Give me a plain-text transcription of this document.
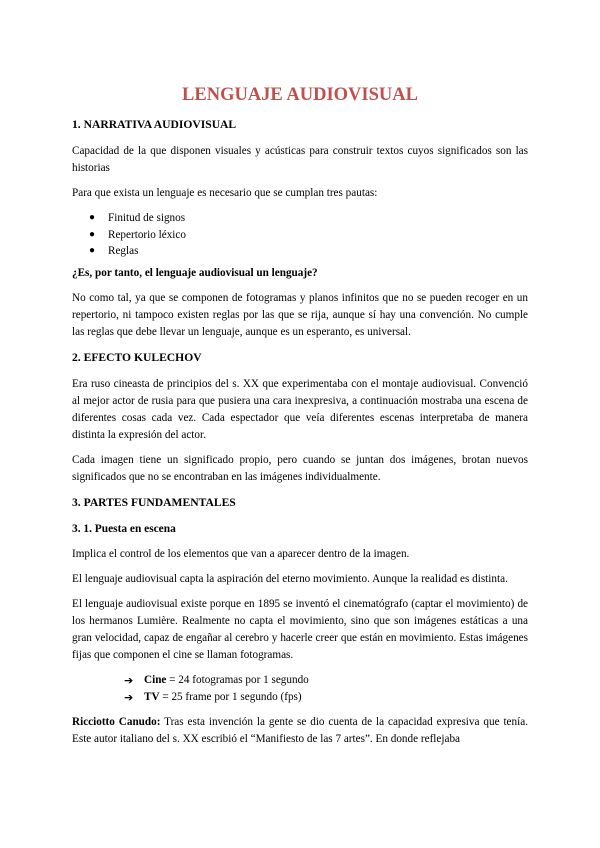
LENGUAJE AUDIOVISUAL
1. NARRATIVA AUDIOVISUAL

Capacidad de la que disponen visuales y acústicas para construir textos cuyos significados son las historias

Para que exista un lenguaje es necesario que se cumplan tres pautas:

● Finitud de signos
● Repertorio léxico
● Reglas

¿Es, por tanto, el lenguaje audiovisual un lenguaje?

No como tal, ya que se componen de fotogramas y planos infinitos que no se pueden recoger en un repertorio, ni tampoco existen reglas por las que se rija, aunque sí hay una convención. No cumple las reglas que debe llevar un lenguaje, aunque es un esperanto, es universal.

2. EFECTO KULECHOV

Era ruso cineasta de principios del s. XX que experimentaba con el montaje audiovisual. Convenció al mejor actor de rusia para que pusiera una cara inexpresiva, a continuación mostraba una escena de diferentes cosas cada vez. Cada espectador que veía diferentes escenas interpretaba de manera distinta la expresión del actor.

Cada imagen tiene un significado propio, pero cuando se juntan dos imágenes, brotan nuevos significados que no se encontraban en las imágenes individualmente.

3. PARTES FUNDAMENTALES
3. 1. Puesta en escena

Implica el control de los elementos que van a aparecer dentro de la imagen.

El lenguaje audiovisual capta la aspiración del eterno movimiento. Aunque la realidad es distinta.

El lenguaje audiovisual existe porque en 1895 se inventó el cinematógrafo (captar el movimiento) de los hermanos Lumière. Realmente no capta el movimiento, sino que son imágenes estáticas a una gran velocidad, capaz de engañar al cerebro y hacerle creer que están en movimiento. Estas imágenes fijas que componen el cine se llaman fotogramas.

➔ Cine = 24 fotogramas por 1 segundo
➔ TV = 25 frame por 1 segundo (fps)

Ricciotto Canudo: Tras esta invención la gente se dio cuenta de la capacidad expresiva que tenía. Este autor italiano del s. XX escribió el “Manifiesto de las 7 artes”. En donde reflejaba
